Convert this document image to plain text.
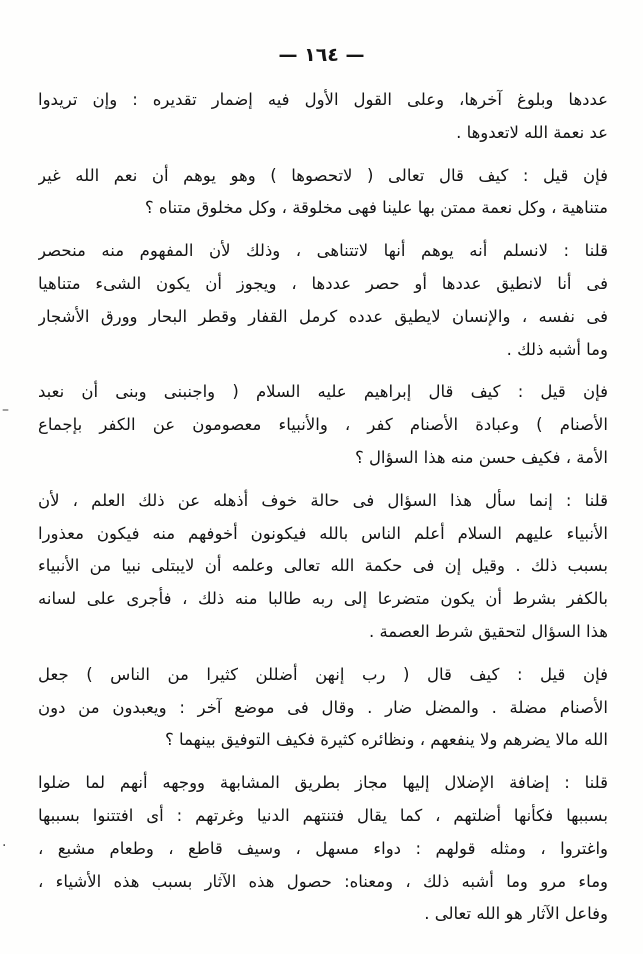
— ١٦٤ —
عددها وبلوغ آخرها، وعلى القول الأول فيه إضمار تقديره : وإن تريدوا
عد نعمة الله لاتعدوها .
فإن قيل : كيف قال تعالى ( لاتحصوها ) وهو يوهم أن نعم الله غير
متناهية ، وكل نعمة ممتن بها علينا فهى مخلوقة ، وكل مخلوق متناه ؟
قلنا : لانسلم أنه يوهم أنها لاتتناهى ، وذلك لأن المفهوم منه منحصر
فى أنا لانطيق عددها أو حصر عددها ، ويجوز أن يكون الشىء متناهيا
فى نفسه ، والإنسان لايطيق عدده كرمل القفار وقطر البحار وورق الأشجار
وما أشبه ذلك .
فإن قيل : كيف قال إبراهيم عليه السلام ( واجنبنى وبنى أن نعبد
الأصنام ) وعبادة الأصنام كفر ، والأنبياء معصومون عن الكفر بإجماع
الأمة ، فكيف حسن منه هذا السؤال ؟
قلنا : إنما سأل هذا السؤال فى حالة خوف أذهله عن ذلك العلم ، لأن
الأنبياء عليهم السلام أعلم الناس بالله فيكونون أخوفهم منه فيكون معذورا
بسبب ذلك . وقيل إن فى حكمة الله تعالى وعلمه أن لايبتلى نبيا من الأنبياء
بالكفر بشرط أن يكون متضرعا إلى ربه طالبا منه ذلك ، فأجرى على لسانه
هذا السؤال لتحقيق شرط العصمة .
فإن قيل : كيف قال ( رب إنهن أضللن كثيرا من الناس ) جعل
الأصنام مضلة . والمضل ضار . وقال فى موضع آخر : ويعبدون من دون
الله مالا يضرهم ولا ينفعهم ، ونظائره كثيرة فكيف التوفيق بينهما ؟
قلنا : إضافة الإضلال إليها مجاز بطريق المشابهة ووجهه أنهم لما ضلوا
بسببها فكأنها أضلتهم ، كما يقال فتنتهم الدنيا وغرتهم : أى افتتنوا بسببها
واغتروا ، ومثله قولهم : دواء مسهل ، وسيف قاطع ، وطعام مشبع ،
وماء مرو وما أشبه ذلك ، ومعناه: حصول هذه الآثار بسبب هذه الأشياء ،
وفاعل الآثار هو الله تعالى .
–
·
